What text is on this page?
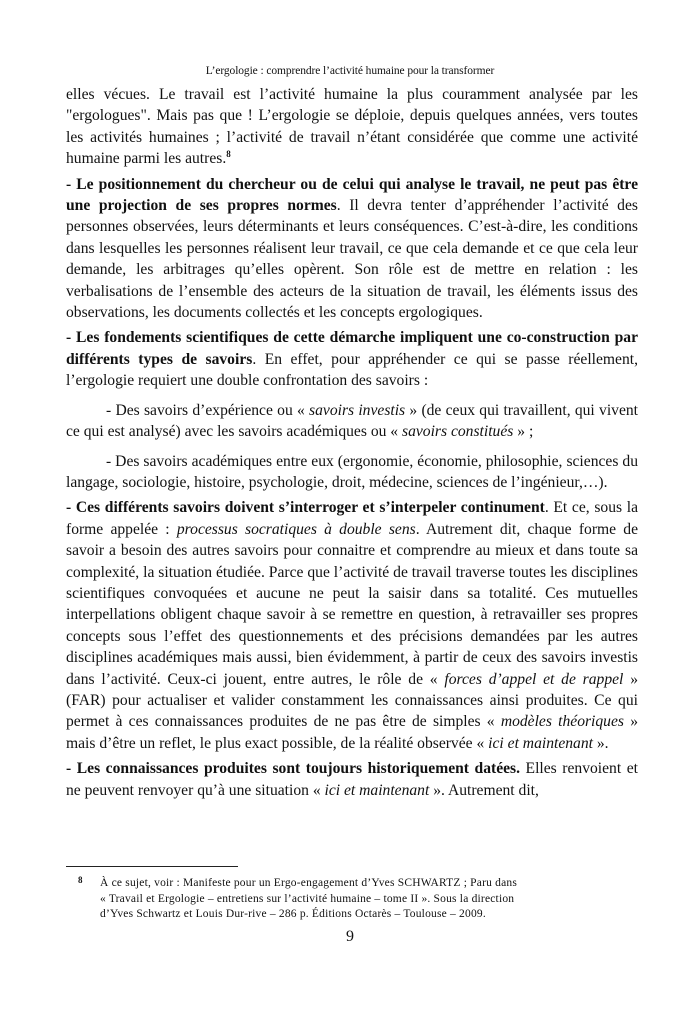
L’ergologie : comprendre l’activité humaine pour la transformer

elles vécues. Le travail est l’activité humaine la plus couramment analysée par les "ergologues". Mais pas que ! L’ergologie se déploie, depuis quelques années, vers toutes les activités humaines ; l’activité de travail n’étant considérée que comme une activité humaine parmi les autres.$^8$

- Le positionnement du chercheur ou de celui qui analyse le travail, ne peut pas être une projection de ses propres normes. Il devra tenter d’appréhender l’activité des personnes observées, leurs déterminants et leurs conséquences. C’est-à-dire, les conditions dans lesquelles les personnes réalisent leur travail, ce que cela demande et ce que cela leur demande, les arbitrages qu’elles opèrent. Son rôle est de mettre en relation : les verbalisations de l’ensemble des acteurs de la situation de travail, les éléments issus des observations, les documents collectés et les concepts ergologiques.

- Les fondements scientifiques de cette démarche impliquent une co-construction par différents types de savoirs. En effet, pour appréhender ce qui se passe réellement, l’ergologie requiert une double confrontation des savoirs :

- Des savoirs d’expérience ou « savoirs investis » (de ceux qui travaillent, qui vivent ce qui est analysé) avec les savoirs académiques ou « savoirs constitués » ;

- Des savoirs académiques entre eux (ergonomie, économie, philosophie, sciences du langage, sociologie, histoire, psychologie, droit, médecine, sciences de l’ingénieur,…).

- Ces différents savoirs doivent s’interroger et s’interpeler continument. Et ce, sous la forme appelée : processus socratiques à double sens. Autrement dit, chaque forme de savoir a besoin des autres savoirs pour connaitre et comprendre au mieux et dans toute sa complexité, la situation étudiée. Parce que l’activité de travail traverse toutes les disciplines scientifiques convoquées et aucune ne peut la saisir dans sa totalité. Ces mutuelles interpellations obligent chaque savoir à se remettre en question, à retravailler ses propres concepts sous l’effet des questionnements et des précisions demandées par les autres disciplines académiques mais aussi, bien évidemment, à partir de ceux des savoirs investis dans l’activité. Ceux-ci jouent, entre autres, le rôle de « forces d’appel et de rappel » (FAR) pour actualiser et valider constamment les connaissances ainsi produites. Ce qui permet à ces connaissances produites de ne pas être de simples « modèles théoriques » mais d’être un reflet, le plus exact possible, de la réalité observée « ici et maintenant ».

- Les connaissances produites sont toujours historiquement datées. Elles renvoient et ne peuvent renvoyer qu’à une situation « ici et maintenant ». Autrement dit,

8 À ce sujet, voir : Manifeste pour un Ergo-engagement d’Yves SCHWARTZ ; Paru dans
« Travail et Ergologie – entretiens sur l’activité humaine – tome II ». Sous la direction
d’Yves Schwartz et Louis Dur-rive – 286 p. Éditions Octarès – Toulouse – 2009.
9
